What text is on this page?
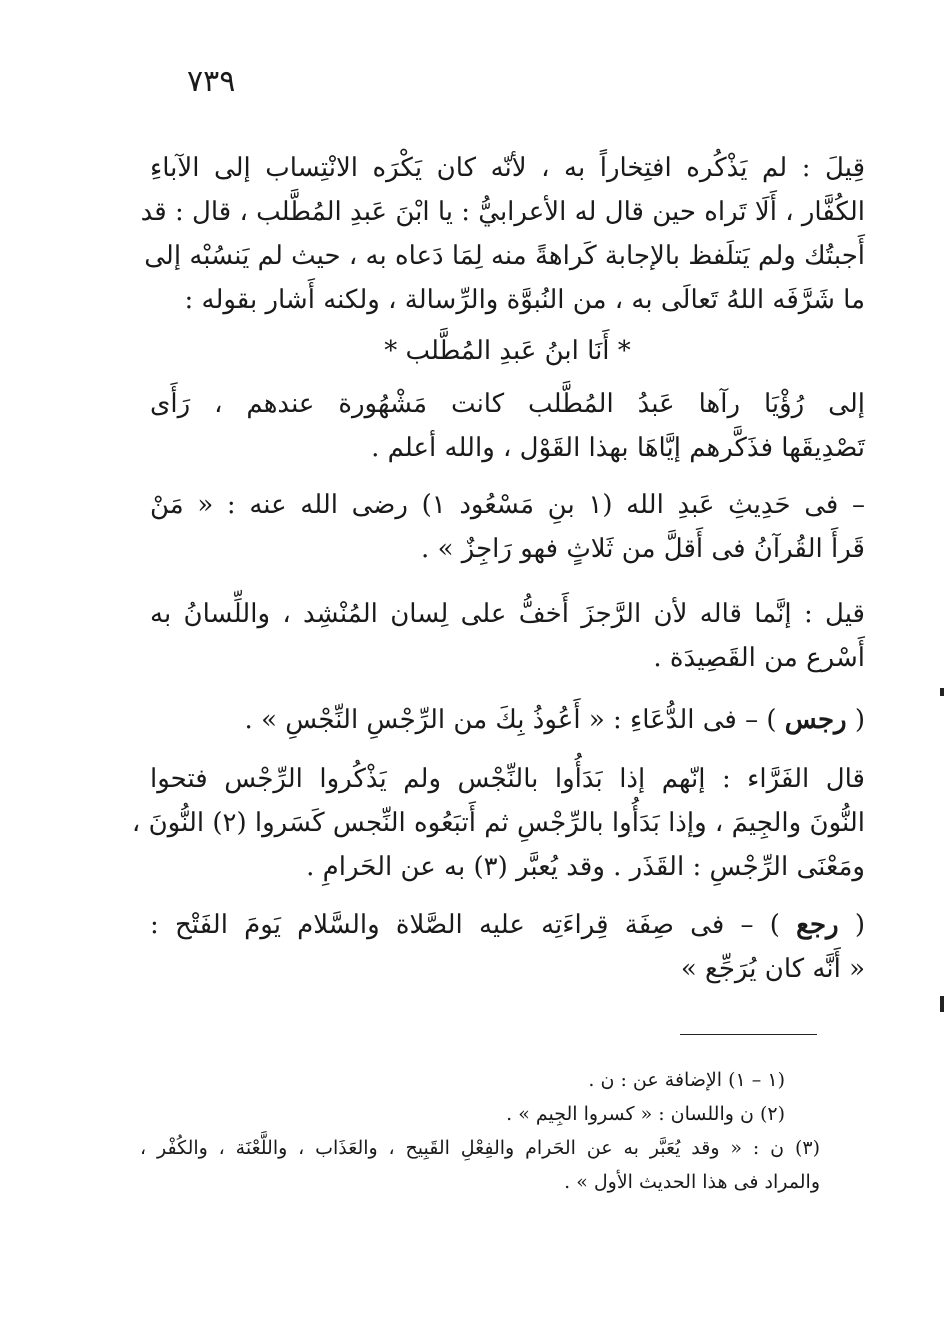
٧٣٩
قِيلَ : لم يَذْكُره افتِخاراً به ، لأنّه كان يَكْرَه الانْتِساب إلى الآباءِ
الكُفَّار ، أَلَا تَراه حين قال له الأعرابيُّ : يا ابْنَ عَبدِ المُطَّلب ، قال : قد
أَجبتُك ولم يَتلَفظ بالإجابة كَراهةً منه لِمَا دَعاه به ، حيث لم يَنسُبْه إلى
ما شَرَّفَه اللهُ تَعالَى به ، من النُبوَّة والرِّسالة ، ولكنه أَشار بقوله :
* أَنَا ابنُ عَبدِ المُطَّلب *
إلى رُؤْيَا رآها عَبدُ المُطَّلب كانت مَشْهُورة عندهم ، رَأَى
تَصْدِيقَها فذَكَّرهم إيَّاهَا بهذا القَوْل ، والله أعلم .
– فى حَدِيثِ عَبدِ الله (١ بنِ مَسْعُود ١) رضى الله عنه : « مَنْ
قَرأَ القُرآنُ فى أَقلَّ من ثَلاثٍ فهو رَاجِزٌ » .
قيل : إنَّما قاله لأن الرَّجزَ أَخفُّ على لِسان المُنْشِد ، واللِّسانُ به
أَسْرع من القَصِيدَة .
( رجس ) – فى الدُّعَاءِ : « أَعُوذُ بِكَ من الرِّجْسِ النِّجْسِ » .
قال الفَرَّاء : إنّهم إذا بَدَأُوا بالنِّجْس ولم يَذْكُروا الرِّجْس فتحوا
النُّونَ والجِيمَ ، وإذا بَدَأُوا بالرِّجْسِ ثم أَتبَعُوه النِّجس كَسَروا (٢) النُّونَ ،
ومَعْنَى الرِّجْسِ : القَذَر . وقد يُعبَّر (٣) به عن الحَرامِ .
( رجع ) – فى صِفَة قِراءَتِه عليه الصَّلاة والسَّلام يَومَ الفَتْح :
« أَنَّه كان يُرَجِّع »
(١ – ١) الإضافة عن : ن .
(٢) ن واللسان : « كسروا الجِيم » .
(٣) ن : « وقد يُعَبَّر به عن الحَرام والفِعْلِ القَبِيح ، والعَذَاب ، واللَّعْنَة ، والكُفْر ،
والمراد فى هذا الحديث الأول » .
